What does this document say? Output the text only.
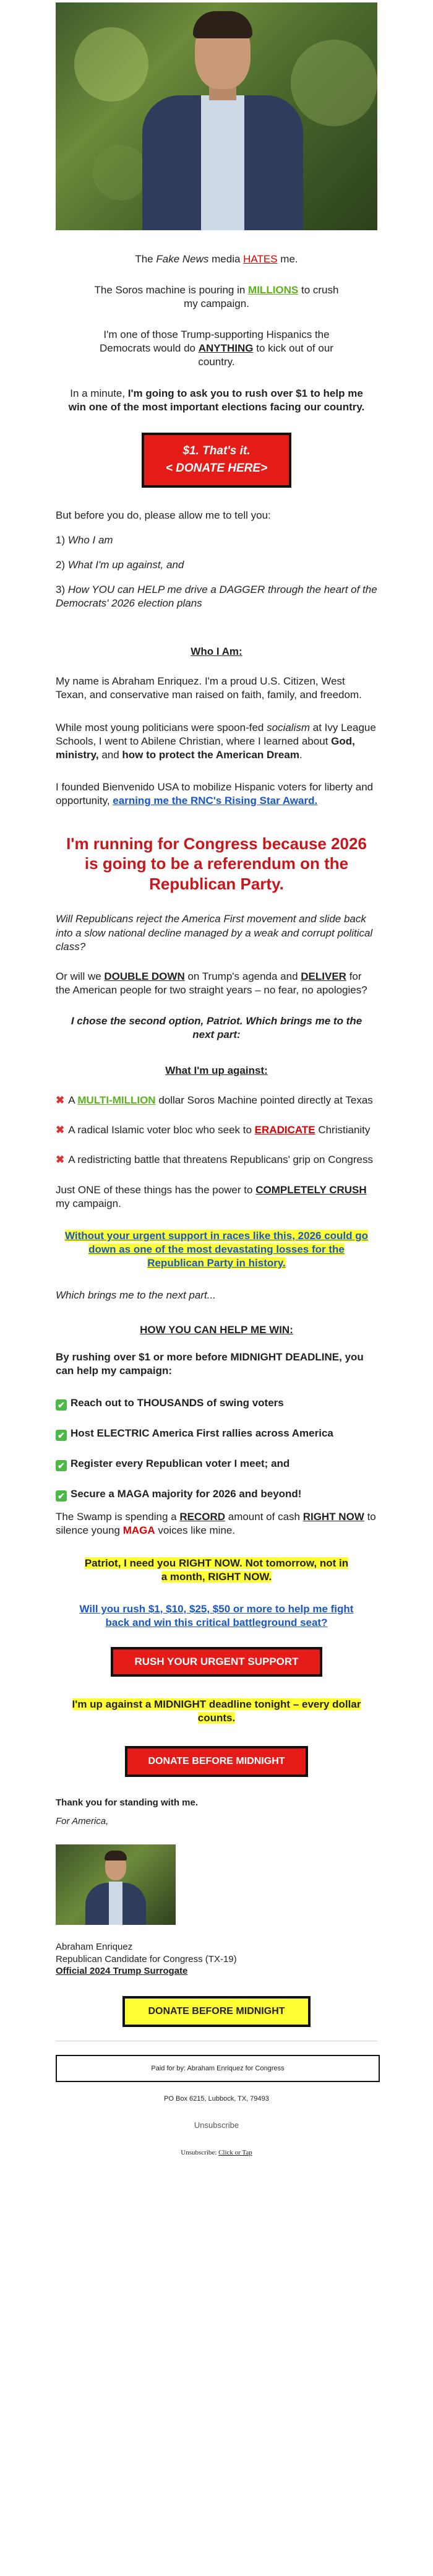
The Fake News media HATES me.

The Soros machine is pouring in MILLIONS to crush my campaign.

I'm one of those Trump-supporting Hispanics the Democrats would do ANYTHING to kick out of our country.

In a minute, I'm going to ask you to rush over $1 to help me win one of the most important elections facing our country.

$1. That's it.
< DONATE HERE>

But before you do, please allow me to tell you:

1) Who I am

2) What I'm up against, and

3) How YOU can HELP me drive a DAGGER through the heart of the Democrats' 2026 election plans

Who I Am:

My name is Abraham Enriquez. I'm a proud U.S. Citizen, West Texan, and conservative man raised on faith, family, and freedom.

While most young politicians were spoon-fed socialism at Ivy League Schools, I went to Abilene Christian, where I learned about God, ministry, and how to protect the American Dream.

I founded Bienvenido USA to mobilize Hispanic voters for liberty and opportunity, earning me the RNC's Rising Star Award.

I'm running for Congress because 2026 is going to be a referendum on the Republican Party.

Will Republicans reject the America First movement and slide back into a slow national decline managed by a weak and corrupt political class?

Or will we DOUBLE DOWN on Trump's agenda and DELIVER for the American people for two straight years – no fear, no apologies?

I chose the second option, Patriot. Which brings me to the next part:

What I'm up against:

✖ A MULTI-MILLION dollar Soros Machine pointed directly at Texas

✖ A radical Islamic voter bloc who seek to ERADICATE Christianity

✖ A redistricting battle that threatens Republicans' grip on Congress

Just ONE of these things has the power to COMPLETELY CRUSH my campaign.

Without your urgent support in races like this, 2026 could go down as one of the most devastating losses for the Republican Party in history.

Which brings me to the next part...

HOW YOU CAN HELP ME WIN:

By rushing over $1 or more before MIDNIGHT DEADLINE, you can help my campaign:

✔ Reach out to THOUSANDS of swing voters

✔ Host ELECTRIC America First rallies across America

✔ Register every Republican voter I meet; and

✔ Secure a MAGA majority for 2026 and beyond!

The Swamp is spending a RECORD amount of cash RIGHT NOW to silence young MAGA voices like mine.

Patriot, I need you RIGHT NOW. Not tomorrow, not in a month, RIGHT NOW.

Will you rush $1, $10, $25, $50 or more to help me fight back and win this critical battleground seat?

RUSH YOUR URGENT SUPPORT

I'm up against a MIDNIGHT deadline tonight – every dollar counts.

DONATE BEFORE MIDNIGHT

Thank you for standing with me.

For America,

Abraham Enriquez

Republican Candidate for Congress (TX-19)

Official 2024 Trump Surrogate

DONATE BEFORE MIDNIGHT
Paid for by: Abraham Enriquez for Congress

PO Box 6215, Lubbock, TX, 79493

Unsubscribe

Unsubscribe: Click or Tap
